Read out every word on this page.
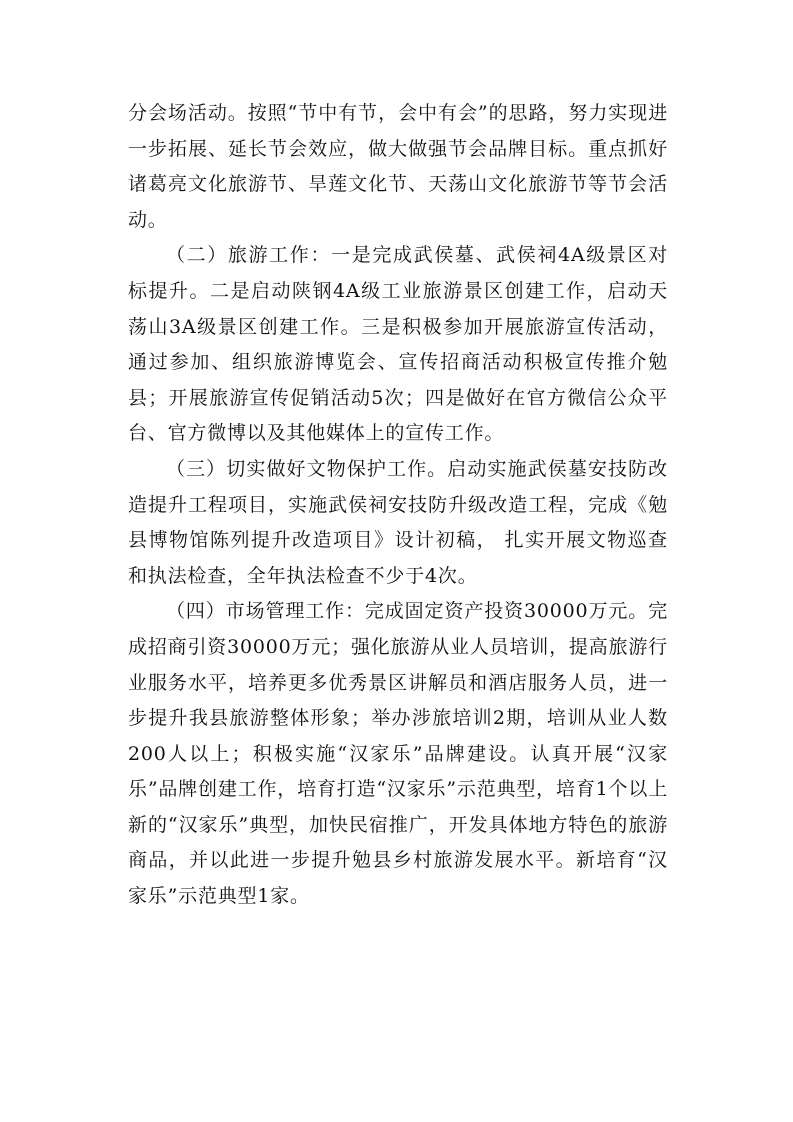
分会场活动。按照“节中有节，会中有会”的思路，努力实现进一步拓展、延长节会效应，做大做强节会品牌目标。重点抓好诸葛亮文化旅游节、旱莲文化节、天荡山文化旅游节等节会活动。

（二）旅游工作：一是完成武侯墓、武侯祠4A级景区对标提升。二是启动陕钢4A级工业旅游景区创建工作，启动天荡山3A级景区创建工作。三是积极参加开展旅游宣传活动，通过参加、组织旅游博览会、宣传招商活动积极宣传推介勉县；开展旅游宣传促销活动5次；四是做好在官方微信公众平台、官方微博以及其他媒体上的宣传工作。

（三）切实做好文物保护工作。启动实施武侯墓安技防改造提升工程项目，实施武侯祠安技防升级改造工程，完成《勉县博物馆陈列提升改造项目》设计初稿， 扎实开展文物巡查和执法检查，全年执法检查不少于4次。

（四）市场管理工作：完成固定资产投资30000万元。完成招商引资30000万元；强化旅游从业人员培训，提高旅游行业服务水平，培养更多优秀景区讲解员和酒店服务人员，进一步提升我县旅游整体形象；举办涉旅培训2期，培训从业人数200人以上；积极实施“汉家乐”品牌建设。认真开展“汉家乐”品牌创建工作，培育打造“汉家乐”示范典型，培育1个以上新的“汉家乐”典型，加快民宿推广，开发具体地方特色的旅游商品，并以此进一步提升勉县乡村旅游发展水平。新培育“汉家乐”示范典型1家。
